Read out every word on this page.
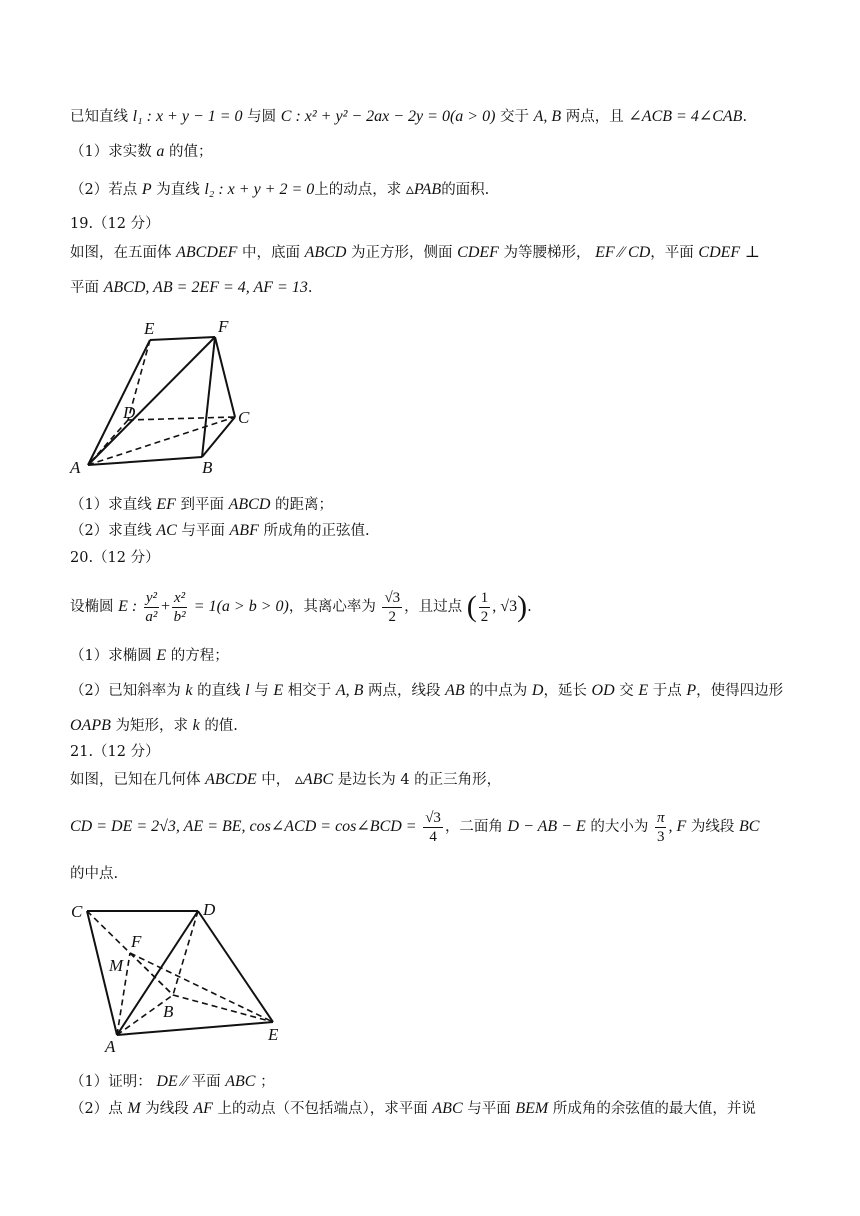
已知直线 l₁ : x + y − 1 = 0 与圆 C : x² + y² − 2ax − 2y = 0(a > 0) 交于 A, B 两点，且 ∠ACB = 4∠CAB.
（1）求实数 a 的值；
（2）若点 P 为直线 l₂ : x + y + 2 = 0上的动点，求 ▵PAB的面积.
19.（12 分）
如图，在五面体 ABCDEF 中，底面 ABCD 为正方形，侧面 CDEF 为等腰梯形， EF ∕∕ CD，平面 CDEF ⊥
平面 ABCD, AB = 2EF = 4, AF = 13.
E	F
D	C
A	B
（1）求直线 EF 到平面 ABCD 的距离；
（2）求直线 AC 与平面 ABF 所成角的正弦值.
20.（12 分）
设椭圆 E : $\frac{\text{y²}}{\text{a²}} + \frac{\text{x²}}{\text{b²}} = 1(a > b > 0)$，其离心率为 $\frac{√3}{2}$ ，且过点 ( $\frac{1}{2}$ , √3).
（1）求椭圆 E 的方程；
（2）已知斜率为 k 的直线 l 与 E 相交于 A, B 两点，线段 AB 的中点为 D，延长 OD 交 E 于点 P，使得四边形
OAPB 为矩形，求 k 的值.
21.（12 分）
如图，已知在几何体 ABCDE 中， ▵ABC 是边长为 4 的正三角形，
CD = DE = 2√3, AE = BE, cos∠ACD = cos∠BCD = $\frac{√3}{4}$ ，二面角 D − AB − E 的大小为 $\frac{\pi}{3}$ , F 为线段 BC
的中点.
C	D
F
M
B
A
E
（1）证明： DE ∕∕ 平面 ABC ；
（2）点 M 为线段 AF 上的动点（不包括端点），求平面 ABC 与平面 BEM 所成角的余弦值的最大值，并说
